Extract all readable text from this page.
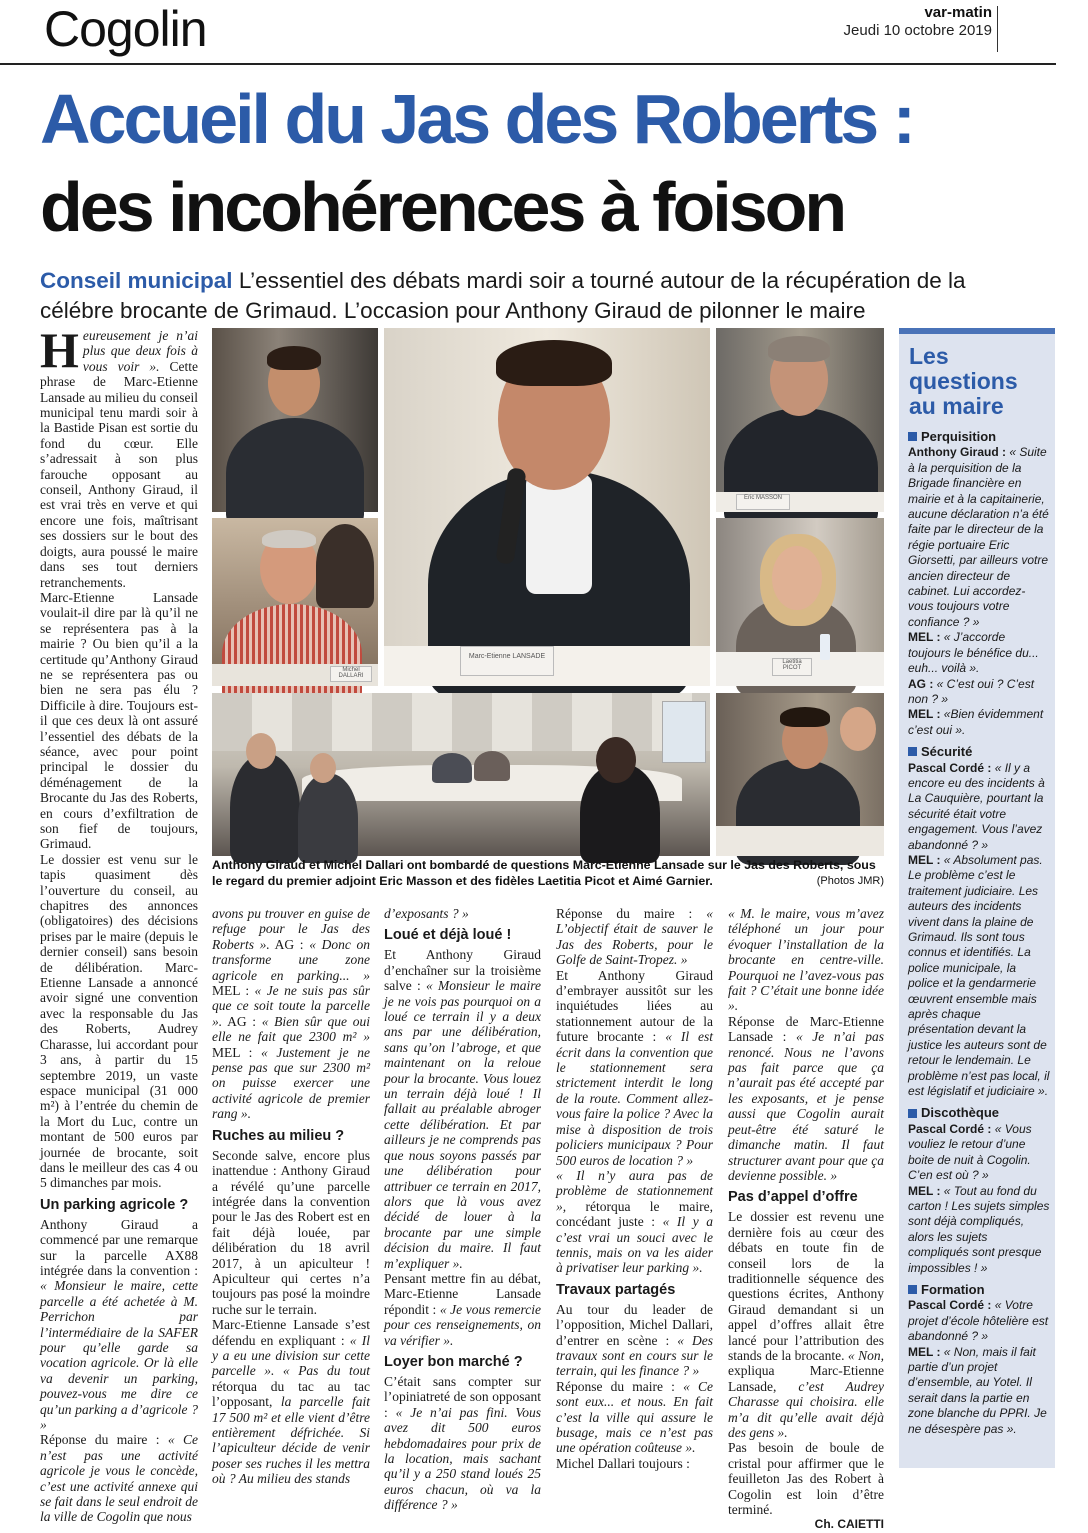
Cogolin	var-matin
Jeudi 10 octobre 2019
Accueil du Jas des Roberts :
des incohérences à foison
Conseil municipal L’essentiel des débats mardi soir a tourné autour de la récupération de la célébre brocante de Grimaud. L’occasion pour Anthony Giraud de pilonner le maire

Heureusement je n’ai plus que deux fois à vous voir ». Cette phrase de Marc-Etienne Lansade au milieu du conseil municipal tenu mardi soir à la Bastide Pisan est sortie du fond du cœur. Elle s’adressait à son plus farouche opposant au conseil, Anthony Giraud, il est vrai très en verve et qui encore une fois, maîtrisant ses dossiers sur le bout des doigts, aura poussé le maire dans ses tout derniers retranchements.

Marc-Etienne Lansade voulait-il dire par là qu’il ne se représentera pas à la mairie ? Ou bien qu’il a la certitude qu’Anthony Giraud ne se représentera pas ou bien ne sera pas élu ? Difficile à dire. Toujours est-il que ces deux là ont assuré l’essentiel des débats de la séance, avec pour point principal le dossier du déménagement de la Brocante du Jas des Roberts, en cours d’exfiltration de son fief de toujours, Grimaud.

Le dossier est venu sur le tapis quasiment dès l’ouverture du conseil, au chapitres des annonces (obligatoires) des décisions prises par le maire (depuis le dernier conseil) sans besoin de délibération. Marc-Etienne Lansade a annoncé avoir signé une convention avec la responsable du Jas des Roberts, Audrey Charasse, lui accordant pour 3 ans, à partir du 15 septembre 2019, un vaste espace municipal (31 000 m²) à l’entrée du chemin de la Mort du Luc, contre un montant de 500 euros par journée de brocante, soit dans le meilleur des cas 4 ou 5 dimanches par mois.

Un parking agricole ?

Anthony Giraud a commencé par une remarque sur la parcelle AX88 intégrée dans la convention : « Monsieur le maire, cette parcelle a été achetée à M. Perrichon par l’intermédiaire de la SAFER pour qu’elle garde sa vocation agricole. Or là elle va devenir un parking, pouvez-vous me dire ce qu’un parking a d’agricole ? »

Réponse du maire : « Ce n’est pas une activité agricole je vous le concède, c’est une activité annexe qui se fait dans le seul endroit de la ville de Cogolin que nous

Michel DALLARI
Marc-Etienne LANSADE
Eric MASSON
Laetitia PICOT
Anthony Giraud et Michel Dallari ont bombardé de questions Marc-Etienne Lansade sur le Jas des Roberts, sous le regard du premier adjoint Eric Masson et des fidèles Laetitia Picot et Aimé Garnier.	(Photos JMR)

avons pu trouver en guise de refuge pour le Jas des Roberts ». AG : « Donc on transforme une zone agricole en parking... » MEL : « Je ne suis pas sûr que ce soit toute la parcelle ». AG : « Bien sûr que oui elle ne fait que 2300 m² » MEL : « Justement je ne pense pas que sur 2300 m² on puisse exercer une activité agricole de premier rang ».

Ruches au milieu ?

Seconde salve, encore plus inattendue : Anthony Giraud a révélé qu’une parcelle intégrée dans la convention pour le Jas des Robert est en fait déjà louée, par délibération du 18 avril 2017, à un apiculteur ! Apiculteur qui certes n’a toujours pas posé la moindre ruche sur le terrain.

Marc-Etienne Lansade s’est défendu en expliquant : « Il y a eu une division sur cette parcelle ». « Pas du tout rétorqua du tac au tac l’opposant, la parcelle fait 17 500 m² et elle vient d’être entièrement défrichée. Si l’apiculteur décide de venir poser ses ruches il les mettra où ? Au milieu des stands

d’exposants ? »

Loué et déjà loué !

Et Anthony Giraud d’enchaîner sur la troisième salve : « Monsieur le maire je ne vois pas pourquoi on a loué ce terrain il y a deux ans par une délibération, sans qu’on l’abroge, et que maintenant on la reloue pour la brocante. Vous louez un terrain déjà loué ! Il fallait au préalable abroger cette délibération. Et par ailleurs je ne comprends pas que nous soyons passés par une délibération pour attribuer ce terrain en 2017, alors que là vous avez décidé de louer à la brocante par une simple décision du maire. Il faut m’expliquer ».

Pensant mettre fin au débat, Marc-Etienne Lansade répondit : « Je vous remercie pour ces renseignements, on va vérifier ».

Loyer bon marché ?

C’était sans compter sur l’opiniatreté de son opposant : « Je n’ai pas fini. Vous avez dit 500 euros hebdomadaires pour prix de la location, mais sachant qu’il y a 250 stand loués 25 euros chacun, où va la différence ? »

Réponse du maire : « L’objectif était de sauver le Jas des Roberts, pour le Golfe de Saint-Tropez. »

Et Anthony Giraud d’embrayer aussitôt sur les inquiétudes liées au stationnement autour de la future brocante : « Il est écrit dans la convention que le stationnement sera strictement interdit le long de la route. Comment allez-vous faire la police ? Avec la mise à disposition de trois policiers municipaux ? Pour 500 euros de location ? »

« Il n’y aura pas de problème de stationnement », rétorqua le maire, concédant juste : « Il y a c’est vrai un souci avec le tennis, mais on va les aider à privatiser leur parking ».

Travaux partagés

Au tour du leader de l’opposition, Michel Dallari, d’entrer en scène : « Des travaux sont en cours sur le terrain, qui les finance ? »

Réponse du maire : « Ce sont eux... et nous. En fait c’est la ville qui assure le busage, mais ce n’est pas une opération coûteuse ».

Michel Dallari toujours :

« M. le maire, vous m’avez téléphoné un jour pour évoquer l’installation de la brocante en centre-ville. Pourquoi ne l’avez-vous pas fait ? C’était une bonne idée ».

Réponse de Marc-Etienne Lansade : « Je n’ai pas renoncé. Nous ne l’avons pas fait parce que ça n’aurait pas été accepté par les exposants, et je pense aussi que Cogolin aurait peut-être été saturé le dimanche matin. Il faut structurer avant pour que ça devienne possible. »

Pas d’appel d’offre

Le dossier est revenu une dernière fois au cœur des débats en toute fin de conseil lors de la traditionnelle séquence des questions écrites, Anthony Giraud demandant si un appel d’offres allait être lancé pour l’attribution des stands de la brocante. « Non, expliqua Marc-Etienne Lansade, c’est Audrey Charasse qui choisira. elle m’a dit qu’elle avait déjà des gens ».

Pas besoin de boule de cristal pour affirmer que le feuilleton Jas des Robert à Cogolin est loin d’être terminé.

Ch. CAIETTI

Les
questions
au maire
Perquisition
Anthony Giraud : « Suite à la perquisition de la Brigade financière en mairie et à la capitainerie, aucune déclaration n’a été faite par le directeur de la régie portuaire Eric Giorsetti, par ailleurs votre ancien directeur de cabinet. Lui accordez-vous toujours votre confiance ? »
MEL : « J’accorde toujours le bénéfice du... euh... voilà ».
AG : « C’est oui ? C’est non ? »
MEL : «Bien évidemment c’est oui ».
Sécurité
Pascal Cordé : « Il y a encore eu des incidents à La Cauquière, pourtant la sécurité était votre engagement. Vous l’avez abandonné ? »
MEL : « Absolument pas. Le problème c’est le traitement judiciaire. Les auteurs des incidents vivent dans la plaine de Grimaud. Ils sont tous connus et identifiés. La police municipale, la police et la gendarmerie œuvrent ensemble mais après chaque présentation devant la justice les auteurs sont de retour le lendemain. Le problème n’est pas local, il est législatif et judiciaire ».
Discothèque
Pascal Cordé : « Vous vouliez le retour d’une boite de nuit à Cogolin. C’en est où ? »
MEL : « Tout au fond du carton ! Les sujets simples sont déjà compliqués, alors les sujets compliqués sont presque impossibles ! »
Formation
Pascal Cordé : « Votre projet d’école hôtelière est abandonné ? »
MEL : « Non, mais il fait partie d’un projet d’ensemble, au Yotel. Il serait dans la partie en zone blanche du PPRI. Je ne désespère pas ».
